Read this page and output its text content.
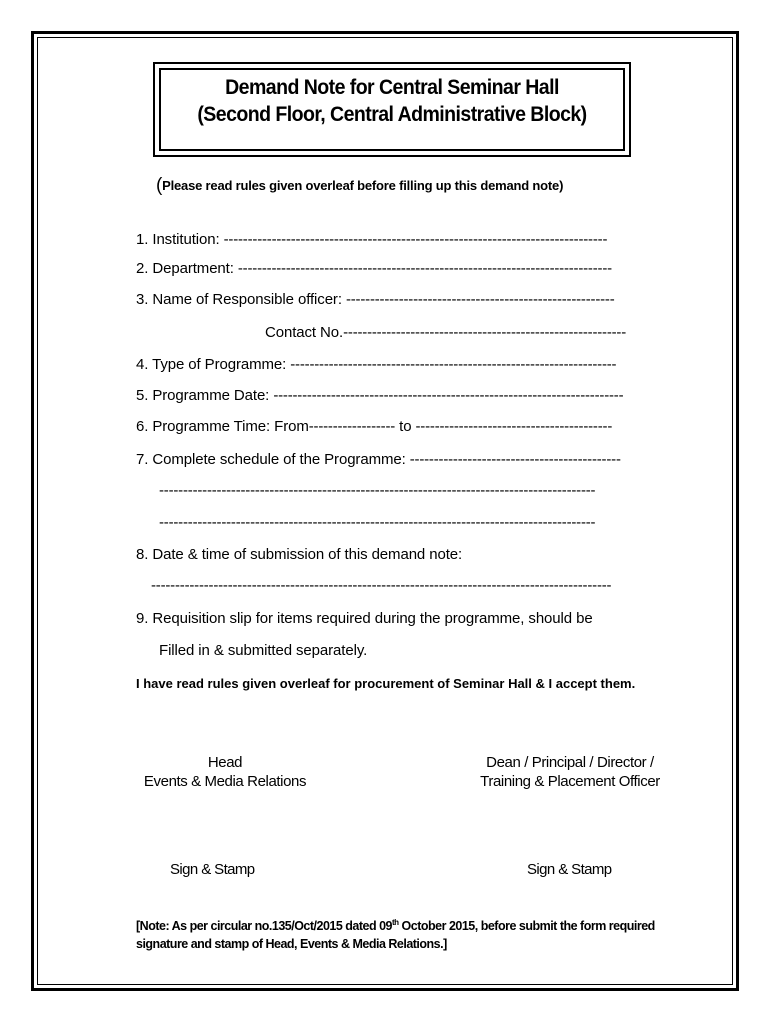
Demand Note for Central Seminar Hall
(Second Floor, Central Administrative Block)
(Please read rules given overleaf before filling up this demand note)
1. Institution: --------------------------------------------------------------------------------
2. Department: ------------------------------------------------------------------------------
3. Name of Responsible officer: --------------------------------------------------------
Contact No.-----------------------------------------------------------
4. Type of Programme: --------------------------------------------------------------------
5. Programme Date: -------------------------------------------------------------------------
6. Programme Time: From------------------ to -----------------------------------------
7. Complete schedule of the Programme: --------------------------------------------
-------------------------------------------------------------------------------------------
-------------------------------------------------------------------------------------------
8. Date & time of submission of this demand note:
------------------------------------------------------------------------------------------------
9. Requisition slip for items required during the programme, should be
Filled in & submitted separately.
I have read rules given overleaf for procurement of Seminar Hall & I accept them.
Head
Events & Media Relations
Dean / Principal / Director /
Training & Placement Officer
Sign & Stamp	Sign & Stamp
[Note: As per circular no.135/Oct/2015 dated 09th October 2015, before submit the form required signature and stamp of Head, Events & Media Relations.]
